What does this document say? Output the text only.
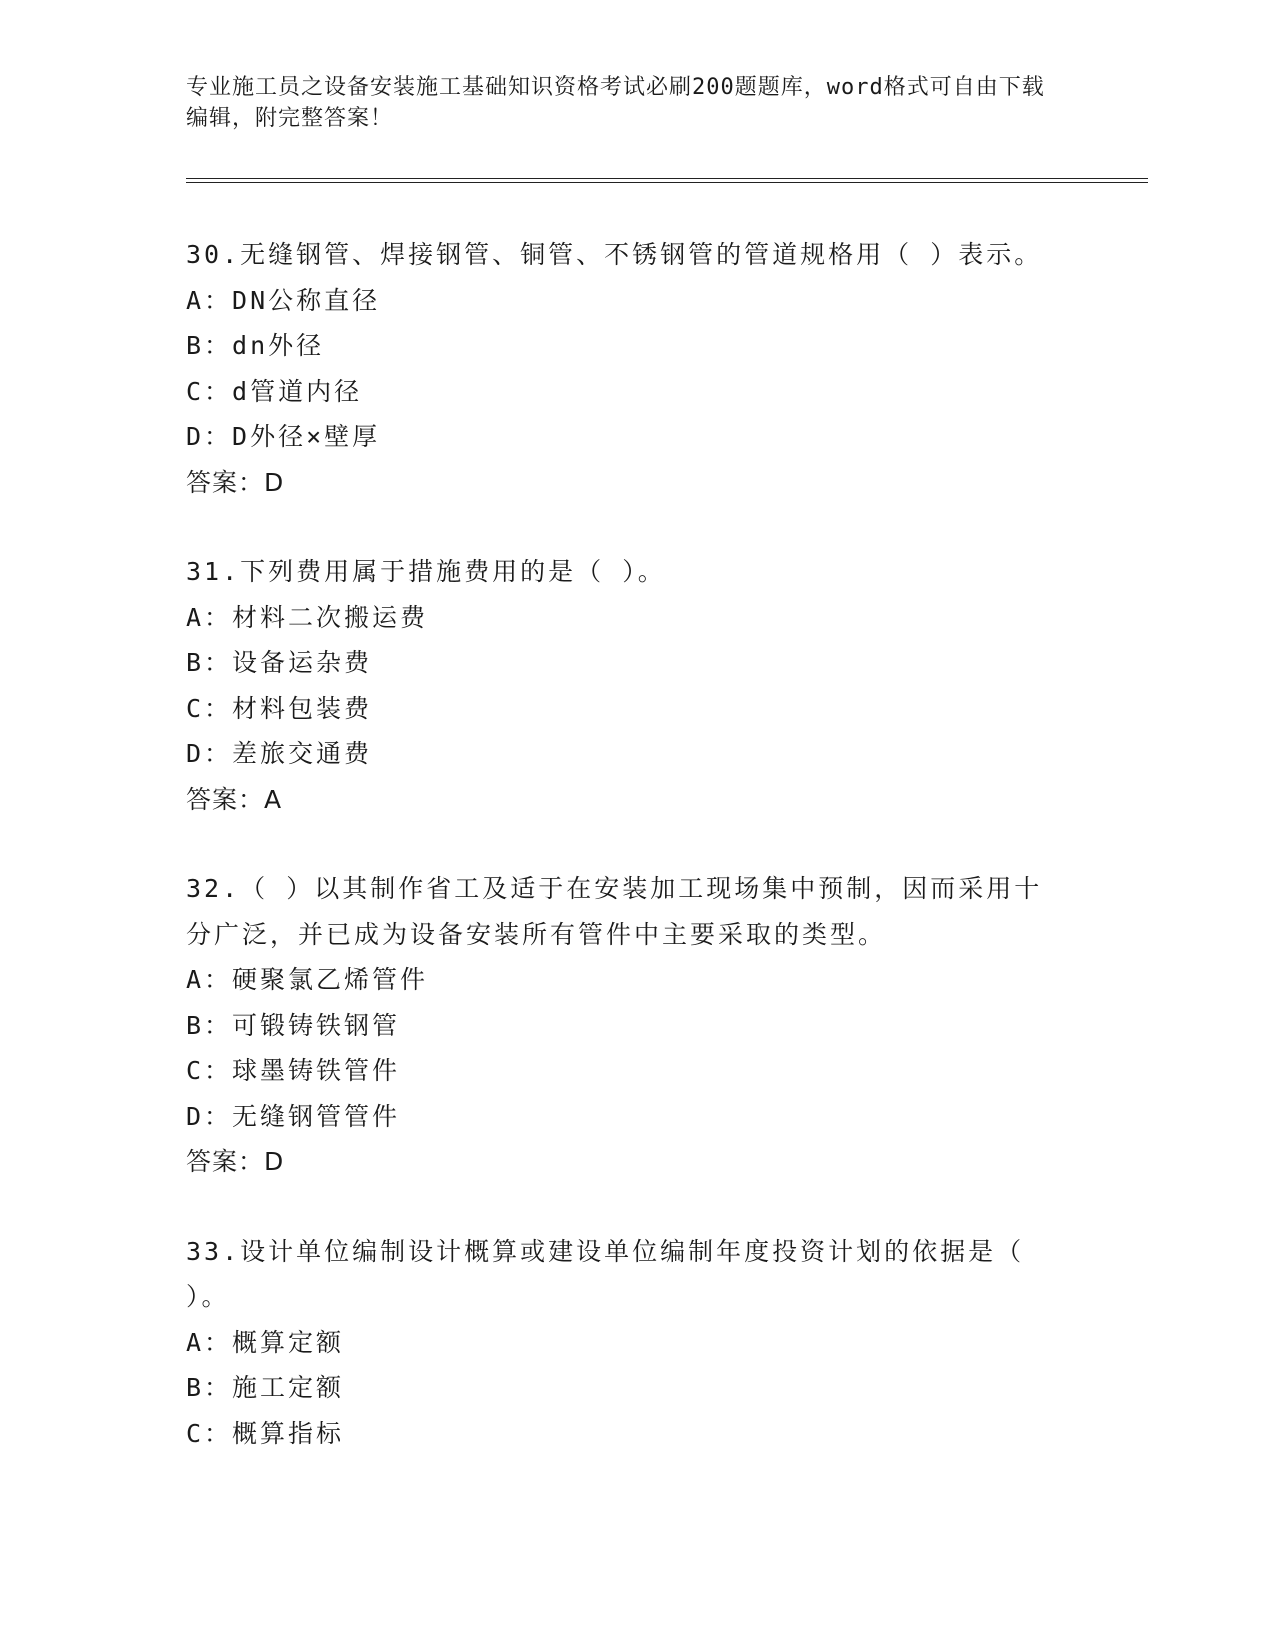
专业施工员之设备安装施工基础知识资格考试必刷200题题库，word格式可自由下载编辑，附完整答案！
30.无缝钢管、焊接钢管、铜管、不锈钢管的管道规格用（ ）表示。
A：DN公称直径
B：dn外径
C：d管道内径
D：D外径×壁厚
答案：D
31.下列费用属于措施费用的是（ ）。
A：材料二次搬运费
B：设备运杂费
C：材料包装费
D：差旅交通费
答案：A
32.（ ）以其制作省工及适于在安装加工现场集中预制，因而采用十分广泛，并已成为设备安装所有管件中主要采取的类型。
A：硬聚氯乙烯管件
B：可锻铸铁钢管
C：球墨铸铁管件
D：无缝钢管管件
答案：D
33.设计单位编制设计概算或建设单位编制年度投资计划的依据是（ ）。
A：概算定额
B：施工定额
C：概算指标
